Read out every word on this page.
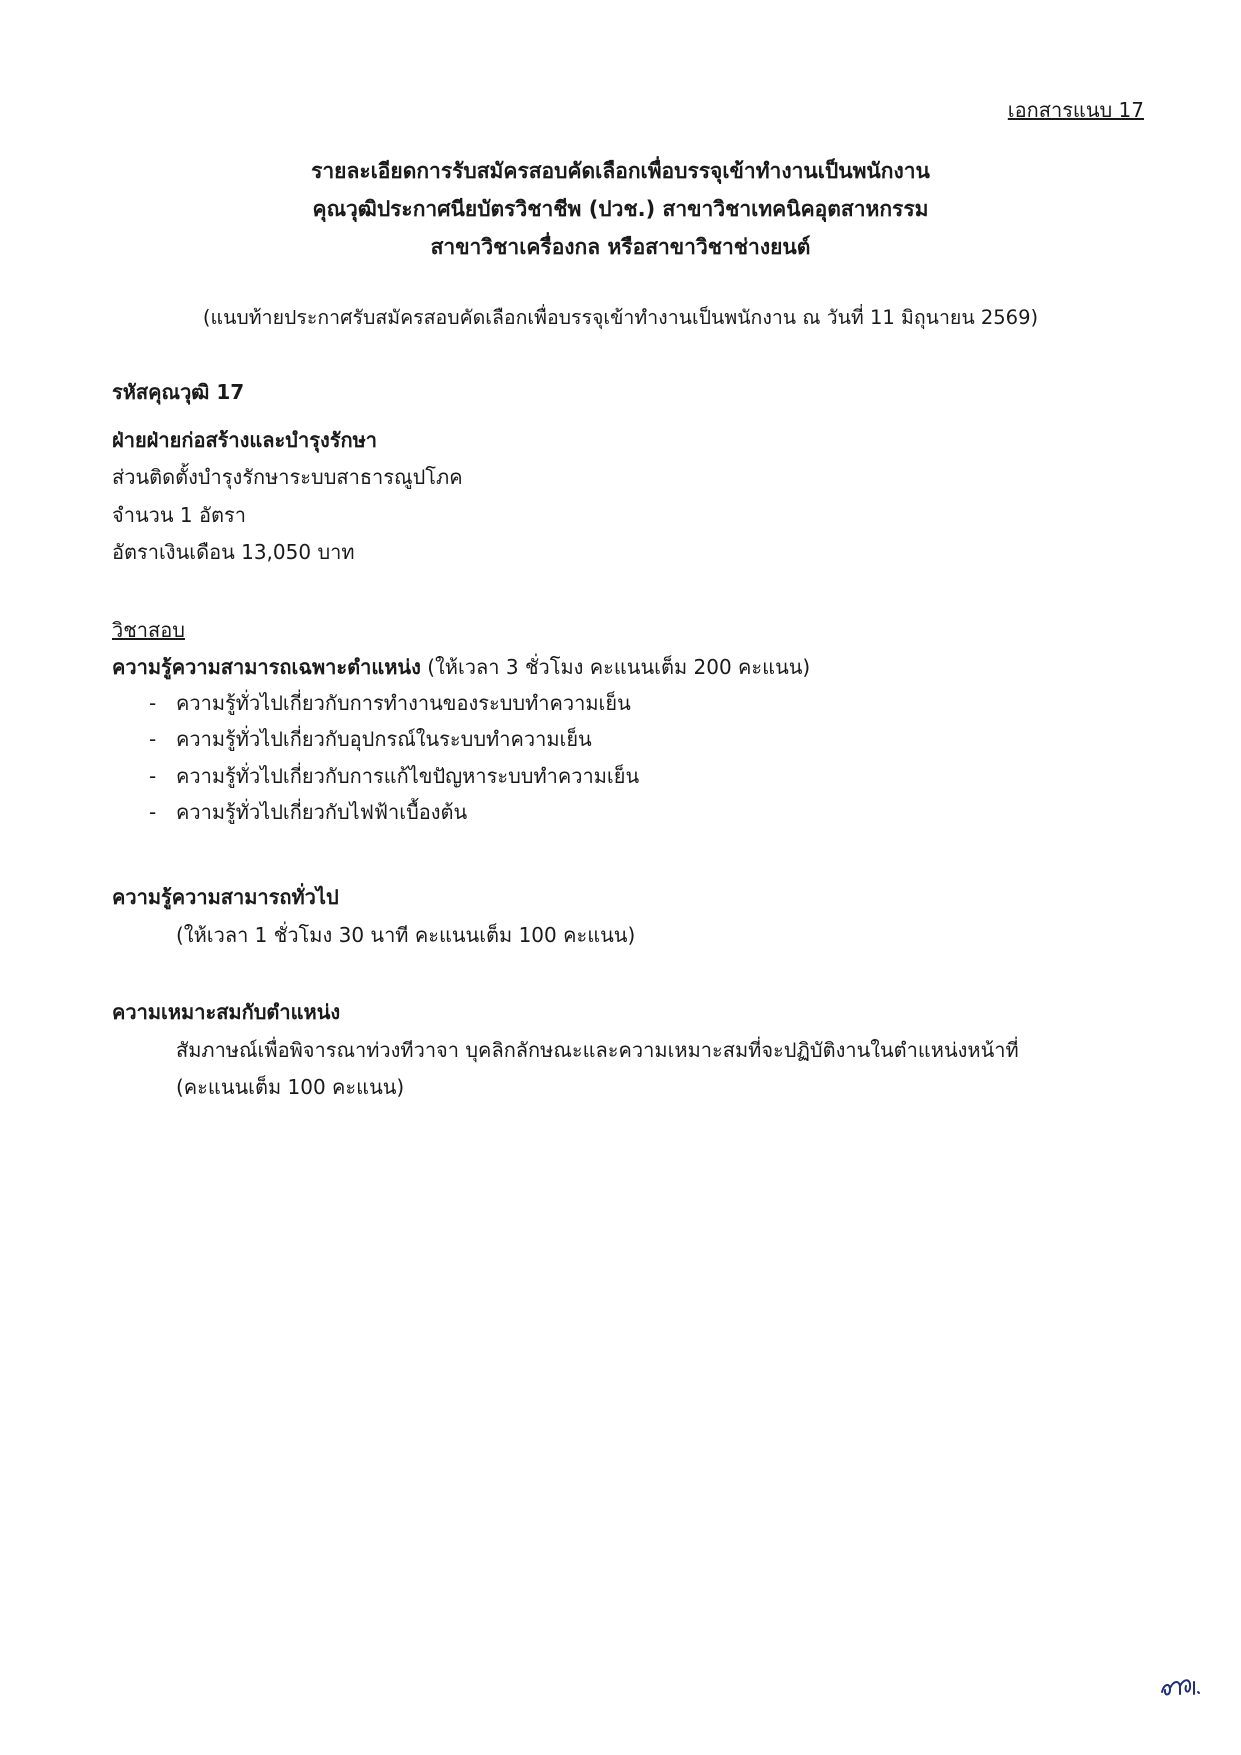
เอกสารแนบ 17
รายละเอียดการรับสมัครสอบคัดเลือกเพื่อบรรจุเข้าทำงานเป็นพนักงาน
คุณวุฒิประกาศนียบัตรวิชาชีพ (ปวช.) สาขาวิชาเทคนิคอุตสาหกรรม
สาขาวิชาเครื่องกล หรือสาขาวิชาช่างยนต์
(แนบท้ายประกาศรับสมัครสอบคัดเลือกเพื่อบรรจุเข้าทำงานเป็นพนักงาน ณ วันที่ 11 มิถุนายน 2569)
รหัสคุณวุฒิ 17
ฝ่ายฝ่ายก่อสร้างและบำรุงรักษา
ส่วนติดตั้งบำรุงรักษาระบบสาธารณูปโภค
จำนวน 1 อัตรา
อัตราเงินเดือน 13,050 บาท
วิชาสอบ
ความรู้ความสามารถเฉพาะตำแหน่ง (ให้เวลา 3 ชั่วโมง คะแนนเต็ม 200 คะแนน)
- ความรู้ทั่วไปเกี่ยวกับการทำงานของระบบทำความเย็น
- ความรู้ทั่วไปเกี่ยวกับอุปกรณ์ในระบบทำความเย็น
- ความรู้ทั่วไปเกี่ยวกับการแก้ไขปัญหาระบบทำความเย็น
- ความรู้ทั่วไปเกี่ยวกับไฟฟ้าเบื้องต้น
ความรู้ความสามารถทั่วไป
(ให้เวลา 1 ชั่วโมง 30 นาที คะแนนเต็ม 100 คะแนน)
ความเหมาะสมกับตำแหน่ง
สัมภาษณ์เพื่อพิจารณาท่วงทีวาจา บุคลิกลักษณะและความเหมาะสมที่จะปฏิบัติงานในตำแหน่งหน้าที่
(คะแนนเต็ม 100 คะแนน)
